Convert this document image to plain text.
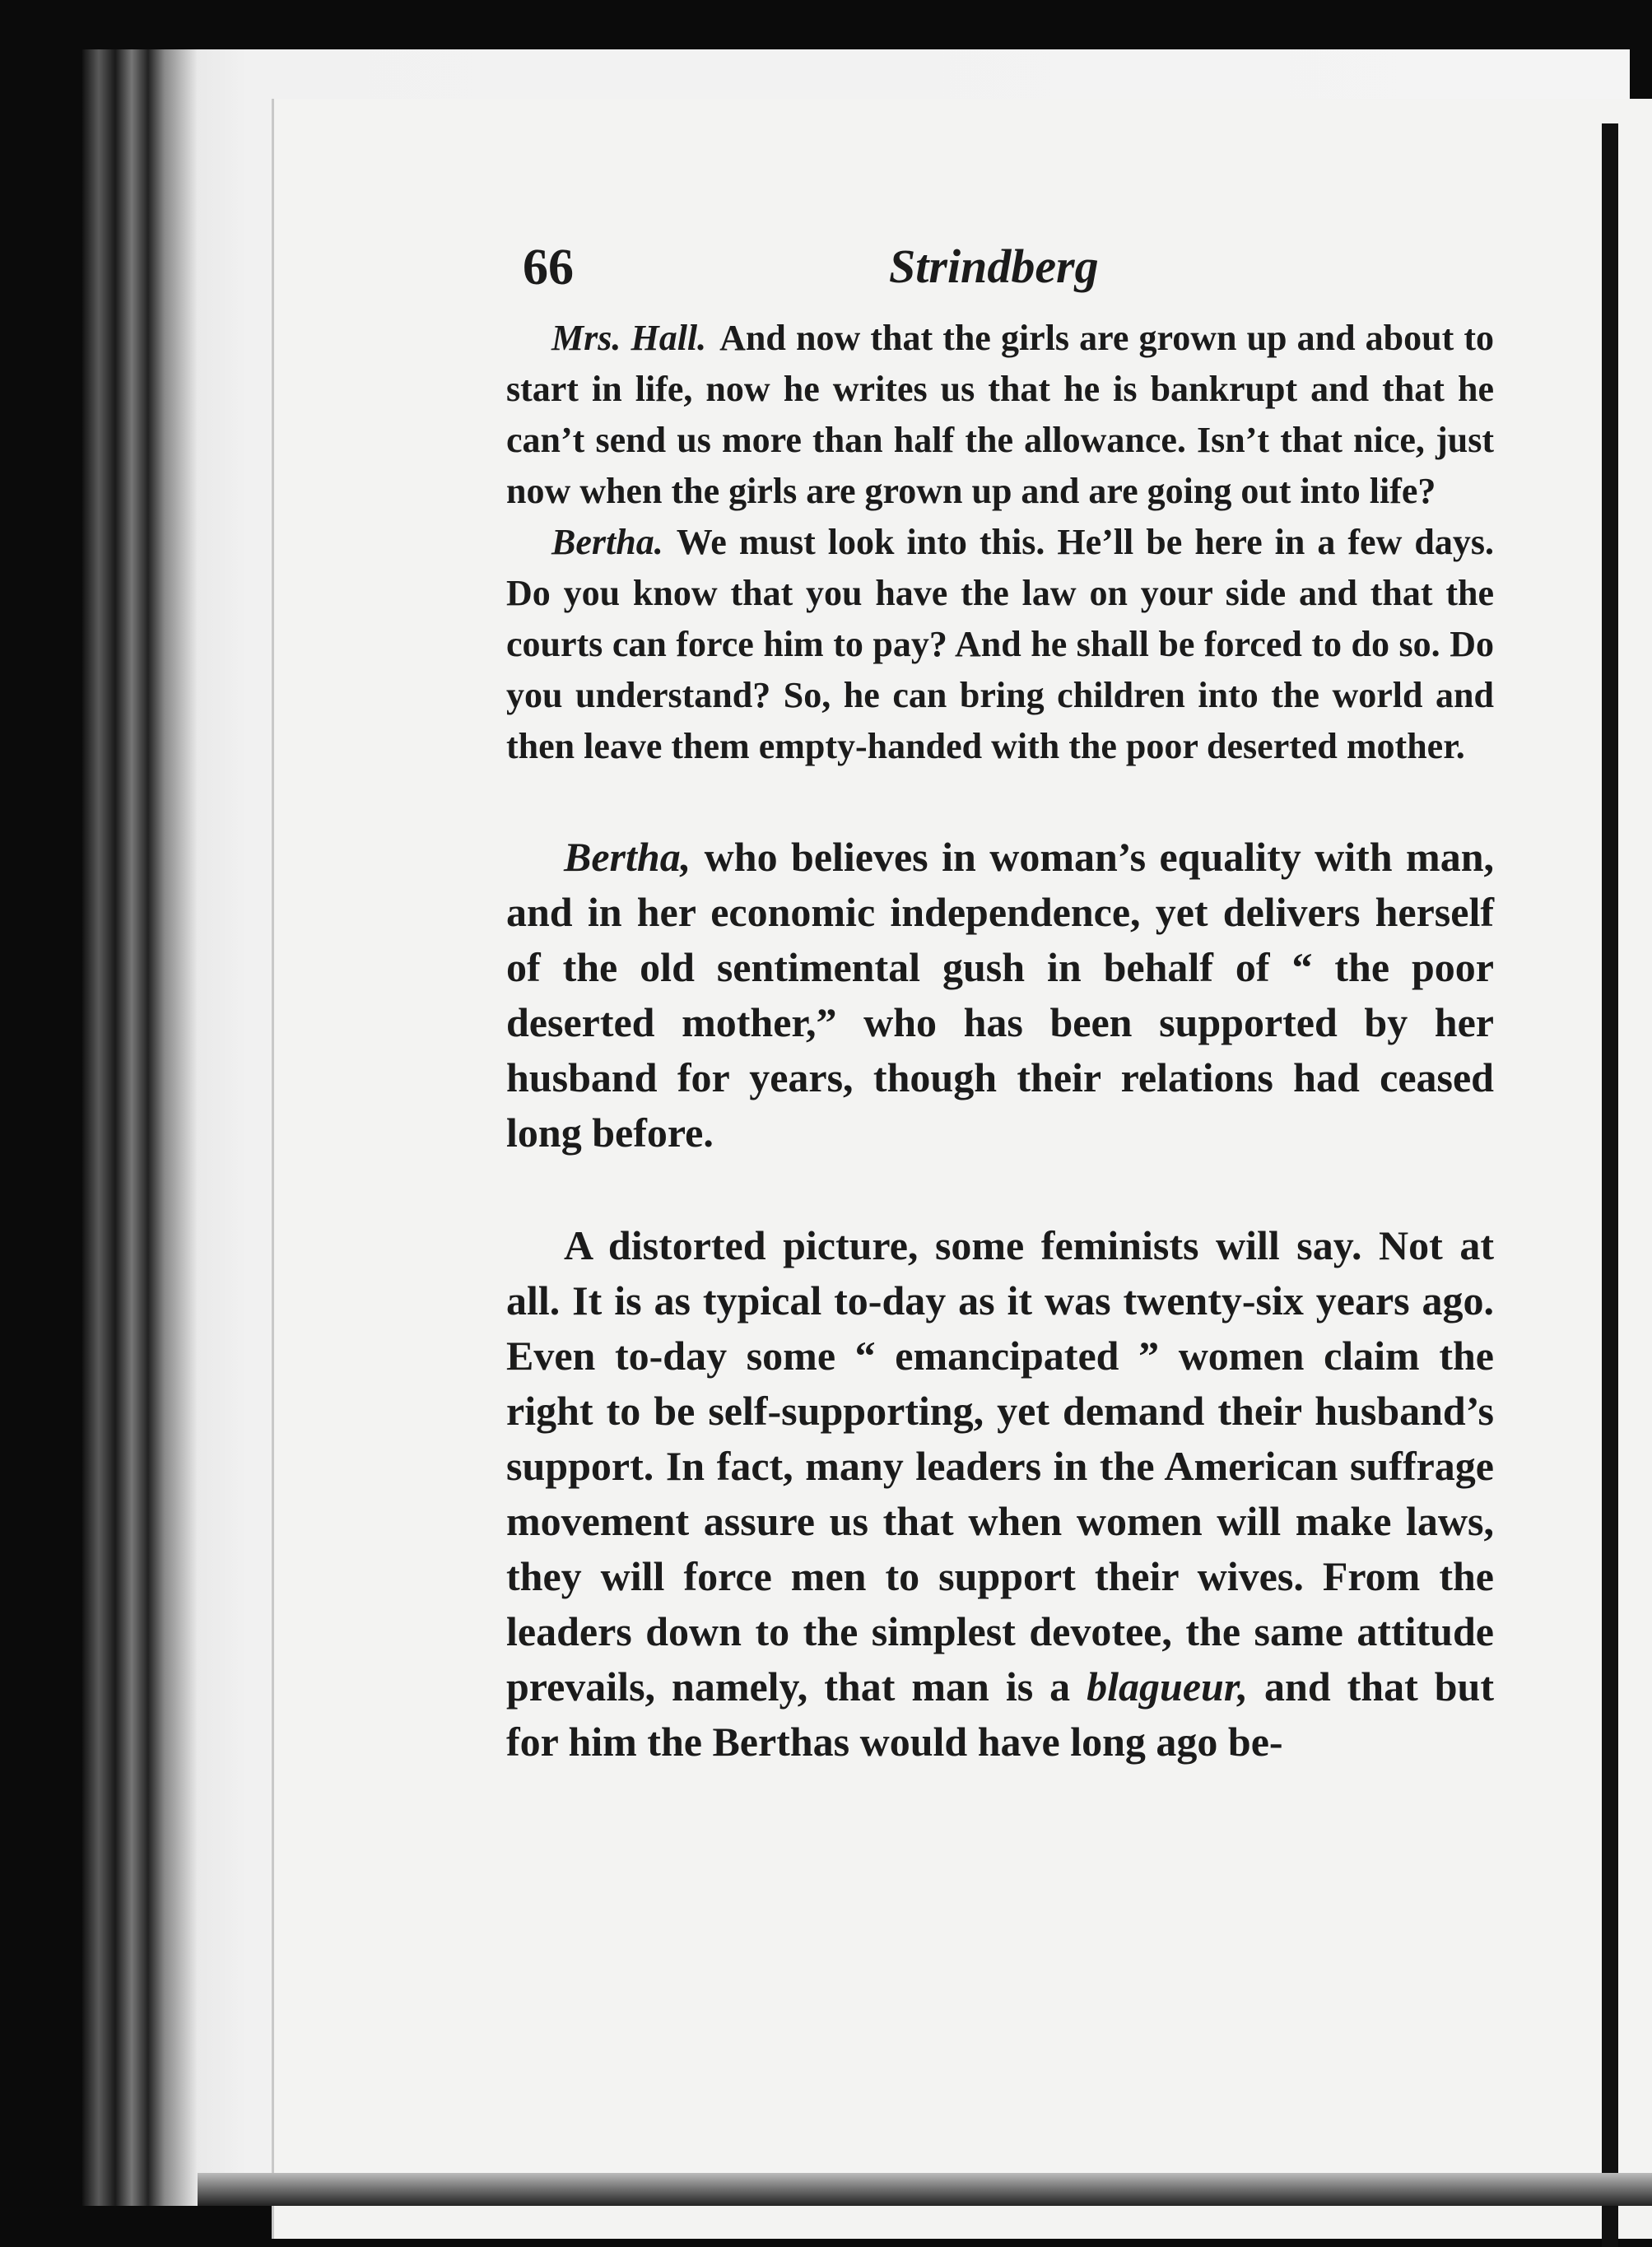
66	Strindberg

Mrs. Hall. And now that the girls are grown up and about to start in life, now he writes us that he is bankrupt and that he can’t send us more than half the allowance. Isn’t that nice, just now when the girls are grown up and are going out into life?

Bertha. We must look into this. He’ll be here in a few days. Do you know that you have the law on your side and that the courts can force him to pay? And he shall be forced to do so. Do you understand? So, he can bring children into the world and then leave them empty-handed with the poor deserted mother.

Bertha, who believes in woman’s equality with man, and in her economic independence, yet delivers herself of the old sentimental gush in behalf of “ the poor deserted mother,” who has been supported by her husband for years, though their relations had ceased long before.

A distorted picture, some feminists will say. Not at all. It is as typical to-day as it was twenty-six years ago. Even to-day some “ emancipated ” women claim the right to be self-supporting, yet demand their husband’s support. In fact, many leaders in the American suffrage movement assure us that when women will make laws, they will force men to support their wives. From the leaders down to the simplest devotee, the same attitude prevails, namely, that man is a blagueur, and that but for him the Berthas would have long ago be-
